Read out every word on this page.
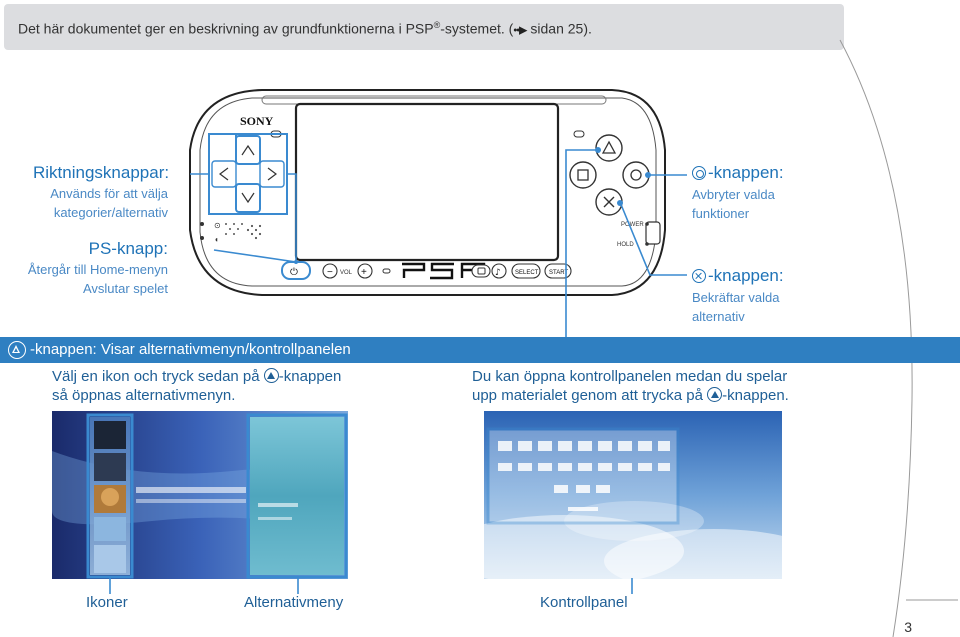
Det här dokumentet ger en beskrivning av grundfunktionerna i PSP®-systemet. (••▶ sidan 25).
⊙
◖
SONY
POWER
HOLD
⏻	− VOL +	♪ SELECT START
Riktningsknappar:
Används för att välja
kategorier/alternativ
PS-knapp:
Återgår till Home-menyn
Avslutar spelet
-knappen:
Avbryter valda
funktioner
-knappen:
Bekräftar valda
alternativ
-knappen: Visar alternativmenyn/kontrollpanelen
Välj en ikon och tryck sedan på -knappen
så öppnas alternativmenyn.
Du kan öppna kontrollpanelen medan du spelar
upp materialet genom att trycka på -knappen.
Ikoner	Alternativmeny	Kontrollpanel
3
